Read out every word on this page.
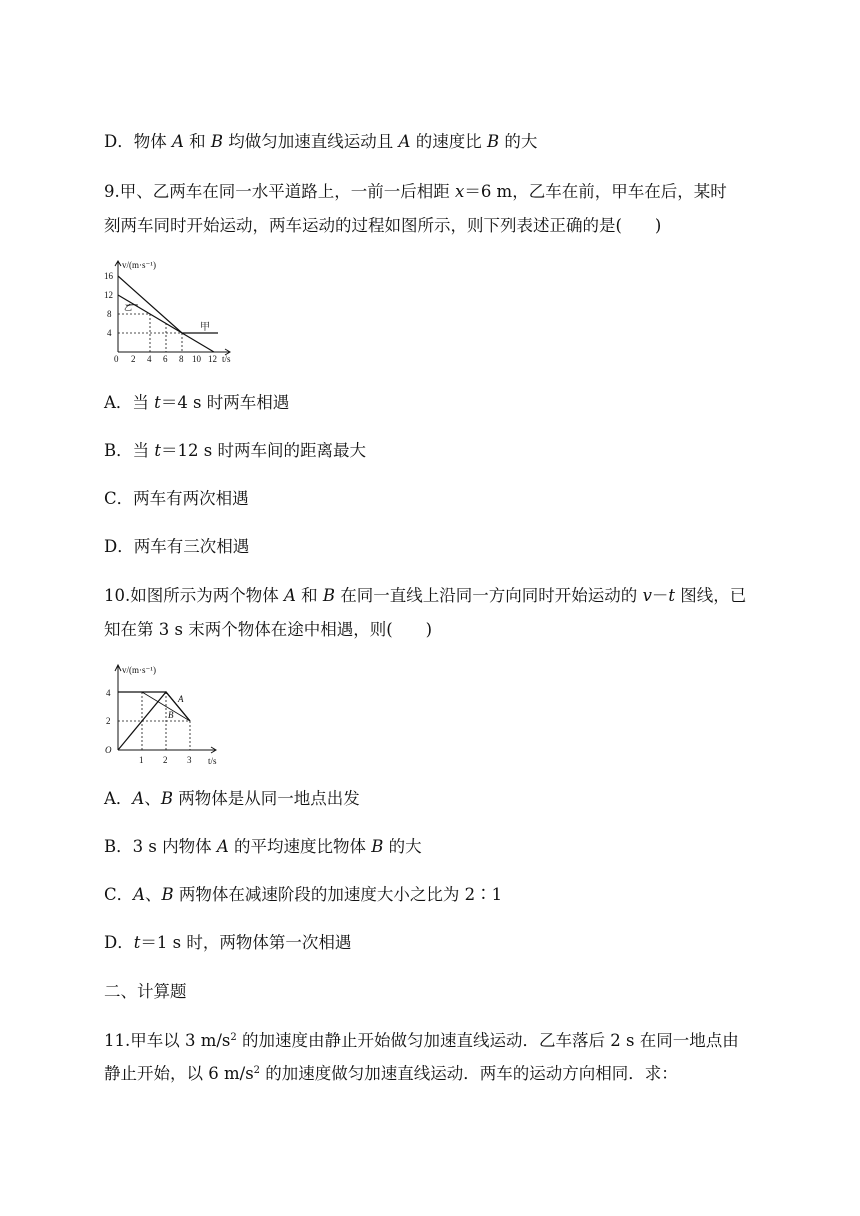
D．物体 A 和 B 均做匀加速直线运动且 A 的速度比 B 的大

9.甲、乙两车在同一水平道路上，一前一后相距 x＝6 m，乙车在前，甲车在后，某时

刻两车同时开始运动，两车运动的过程如图所示，则下列表述正确的是(　　)

v/(m·s⁻¹)
t/s
16
12
8
4
0 2 4 6 8 10 12
甲
乙

A．当 t＝4 s 时两车相遇

B．当 t＝12 s 时两车间的距离最大

C．两车有两次相遇

D．两车有三次相遇

10.如图所示为两个物体 A 和 B 在同一直线上沿同一方向同时开始运动的 v－t 图线，已

知在第 3 s 末两个物体在途中相遇，则(　　)

v/(m·s⁻¹)
t/s
4
2
O
1 2 3
A
B

A．A、B 两物体是从同一地点出发

B．3 s 内物体 A 的平均速度比物体 B 的大

C．A、B 两物体在减速阶段的加速度大小之比为 2∶1

D．t＝1 s 时，两物体第一次相遇

二、计算题

11.甲车以 3 $m/s^2$ 的加速度由静止开始做匀加速直线运动．乙车落后 2 s 在同一地点由

静止开始，以 6 $m/s^2$ 的加速度做匀加速直线运动．两车的运动方向相同．求：
